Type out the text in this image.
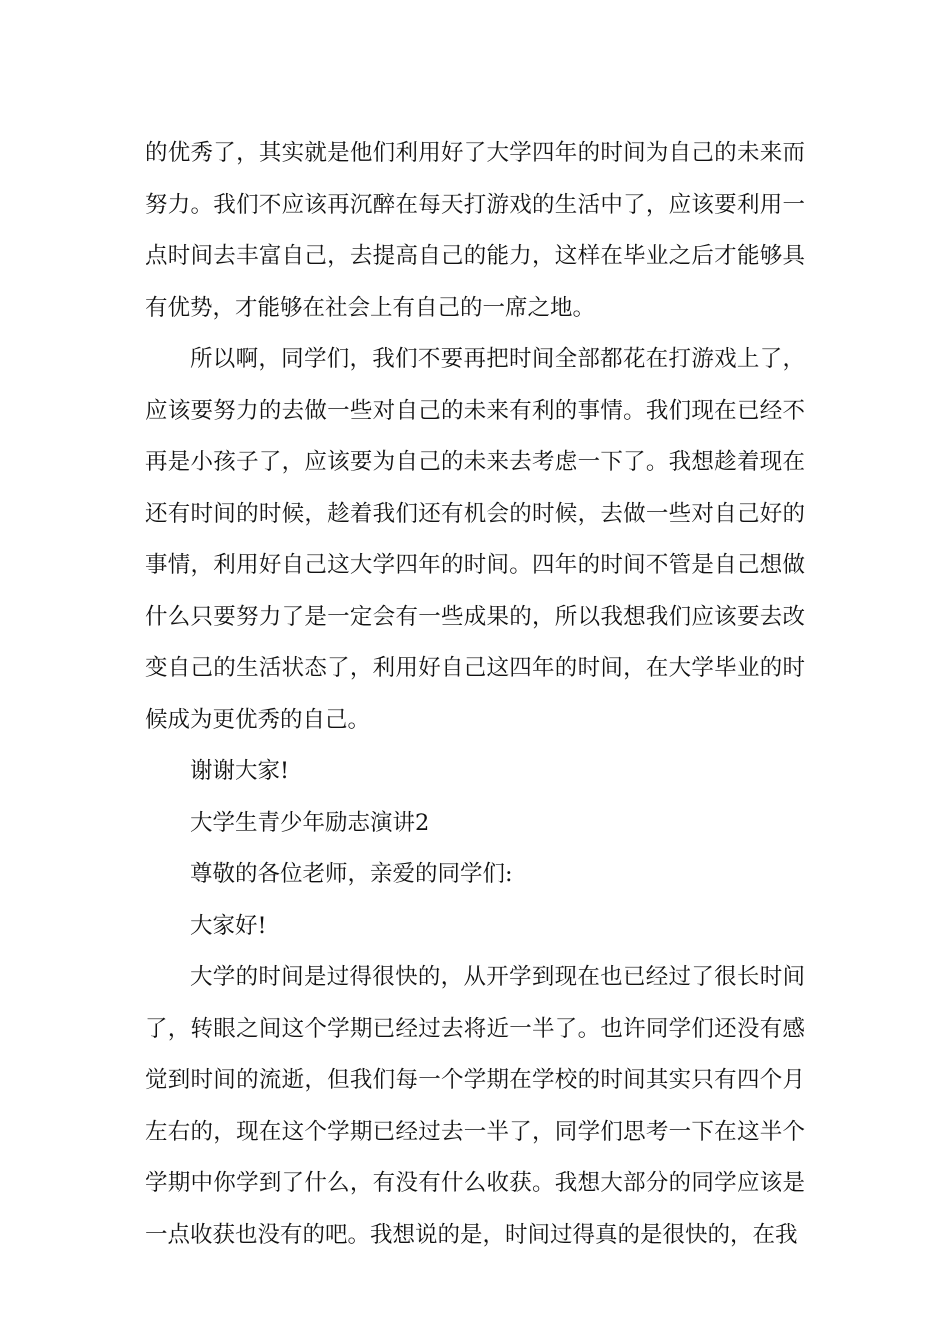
的优秀了，其实就是他们利用好了大学四年的时间为自己的未来而努力。我们不应该再沉醉在每天打游戏的生活中了，应该要利用一点时间去丰富自己，去提高自己的能力，这样在毕业之后才能够具有优势，才能够在社会上有自己的一席之地。

所以啊，同学们，我们不要再把时间全部都花在打游戏上了，应该要努力的去做一些对自己的未来有利的事情。我们现在已经不再是小孩子了，应该要为自己的未来去考虑一下了。我想趁着现在还有时间的时候，趁着我们还有机会的时候，去做一些对自己好的事情，利用好自己这大学四年的时间。四年的时间不管是自己想做什么只要努力了是一定会有一些成果的，所以我想我们应该要去改变自己的生活状态了，利用好自己这四年的时间，在大学毕业的时候成为更优秀的自己。

谢谢大家!

大学生青少年励志演讲2

尊敬的各位老师，亲爱的同学们:

大家好!

大学的时间是过得很快的，从开学到现在也已经过了很长时间了，转眼之间这个学期已经过去将近一半了。也许同学们还没有感觉到时间的流逝，但我们每一个学期在学校的时间其实只有四个月左右的，现在这个学期已经过去一半了，同学们思考一下在这半个学期中你学到了什么，有没有什么收获。我想大部分的同学应该是一点收获也没有的吧。我想说的是，时间过得真的是很快的，在我
